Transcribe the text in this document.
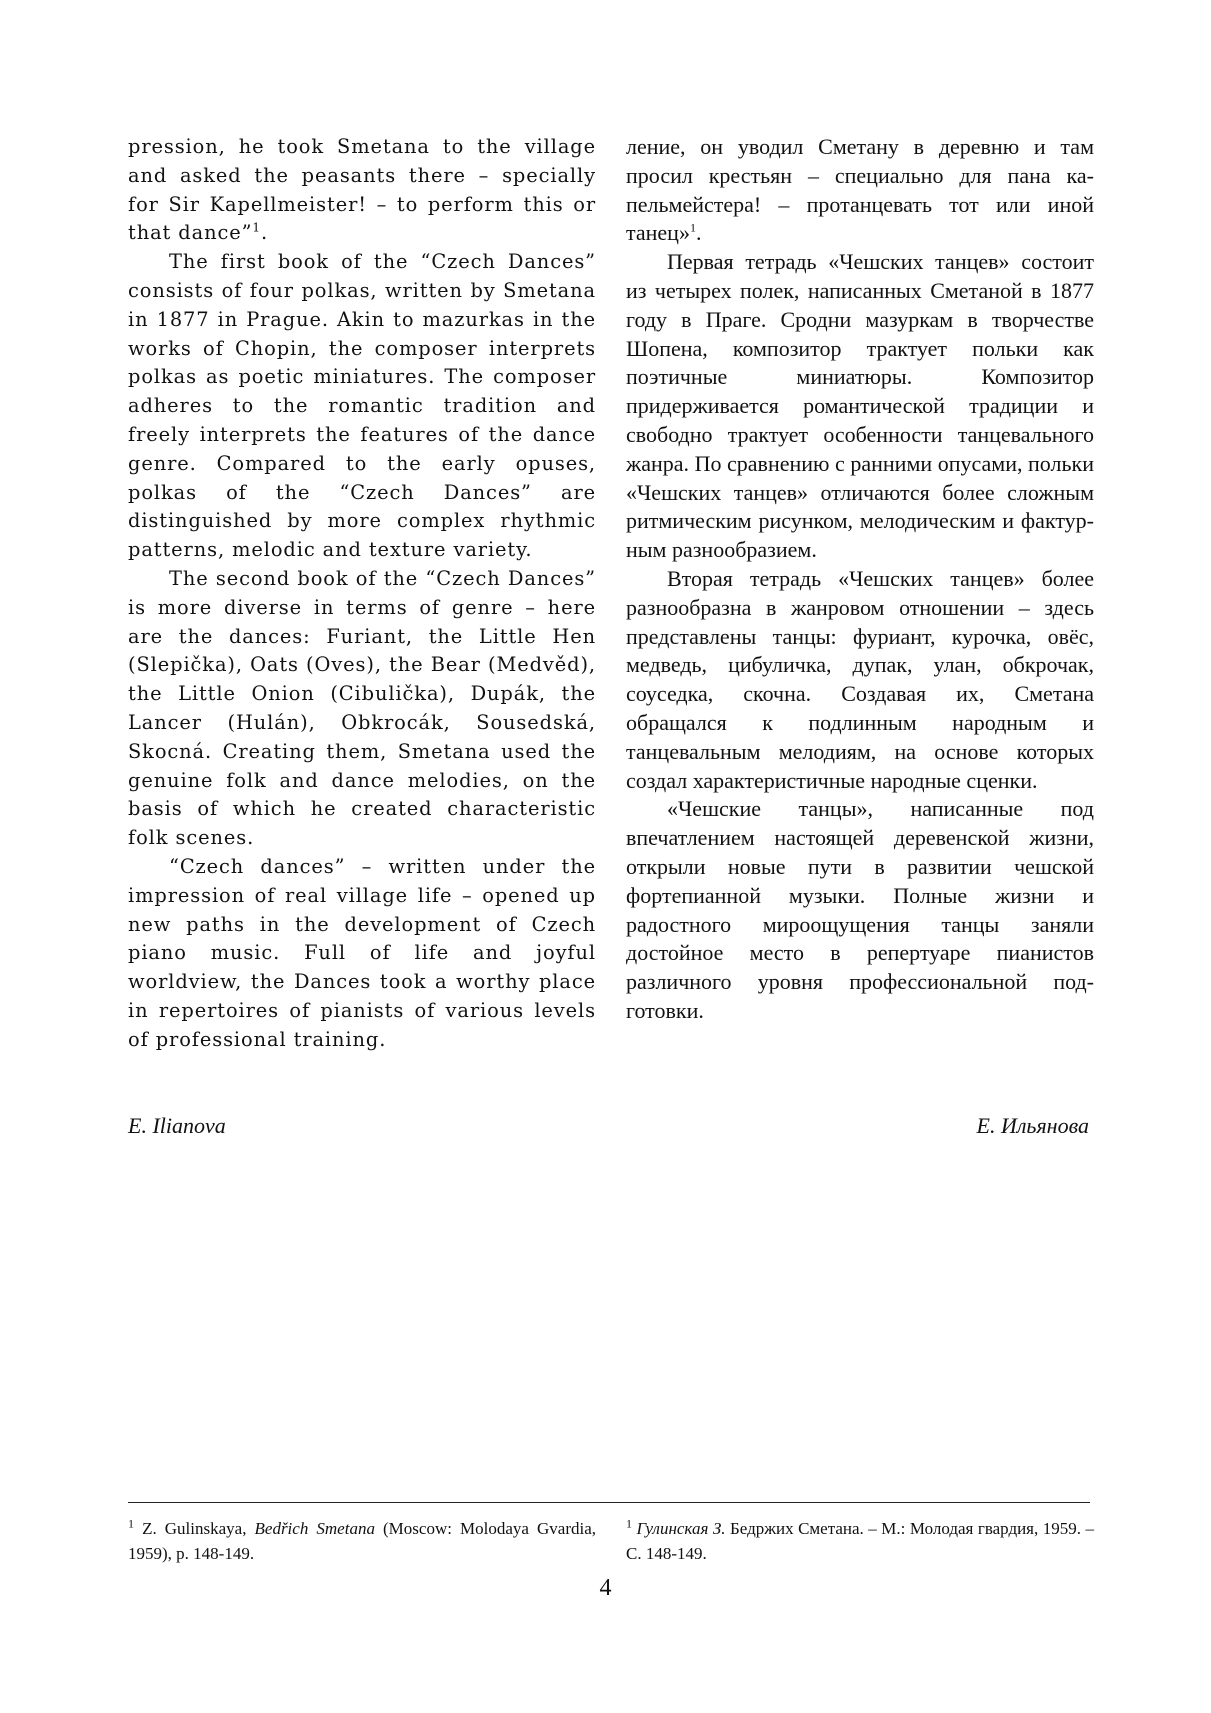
pression, he took Smetana to the village and asked the peasants there – specially for Sir Kapellmeister! – to perform this or that dance”$^1$.

The first book of the “Czech Dances” consists of four polkas, written by Smetana in 1877 in Prague. Akin to mazurkas in the works of Chopin, the composer interprets polkas as poetic miniatures. The composer adheres to the romantic tradition and freely interprets the features of the dance genre. Compared to the early opuses, polkas of the “Czech Dances” are distinguished by more complex rhythmic patterns, melodic and texture variety.

The second book of the “Czech Dances” is more diverse in terms of genre – here are the dances: Furiant, the Little Hen (Slepička), Oats (Oves), the Bear (Medvěd), the Little Onion (Cibulička), Dupák, the Lancer (Hulán), Obkrocák, Sousedská, Skocná. Creating them, Smetana used the genuine folk and dance melodies, on the basis of which he created characteristic folk scenes.

“Czech dances” – written under the impression of real village life – opened up new paths in the development of Czech piano music. Full of life and joyful worldview, the Dances took a worthy place in repertoires of pianists of various levels of professional training.

ление, он уводил Сметану в деревню и там просил крестьян – специально для пана капельмейстера! – протанцевать тот или иной танец»$^1$.

Первая тетрадь «Чешских танцев» состоит из четырех полек, написанных Сметаной в 1877 году в Праге. Сродни мазуркам в творчестве Шопена, композитор трактует польки как поэтичные миниатюры. Композитор придерживается романтической традиции и свободно трактует особенности танцевального жанра. По сравнению с ранними опусами, польки «Чешских танцев» отличаются более сложным ритмическим рисунком, мелодическим и фактурным разнообразием.

Вторая тетрадь «Чешских танцев» более разнообразна в жанровом отношении – здесь представлены танцы: фуриант, курочка, овёс, медведь, цибуличка, дупак, улан, обкрочак, соуседка, скочна. Создавая их, Сметана обращался к подлинным народным и танцевальным мелодиям, на основе которых создал характеристичные народные сценки.

«Чешские танцы», написанные под впечатлением настоящей деревенской жизни, открыли новые пути в развитии чешской фортепианной музыки. Полные жизни и радостного мироощущения танцы заняли достойное место в репертуаре пианистов различного уровня профессиональной подготовки.

E. Ilianova	Е. Ильянова
$^1$ Z. Gulinskaya, Bedřich Smetana (Moscow: Molodaya Gvardia, 1959), p. 148-149.
$^1$ Гулинская З. Бедржих Сметана. – М.: Молодая гвардия, 1959. – С. 148-149.
4
